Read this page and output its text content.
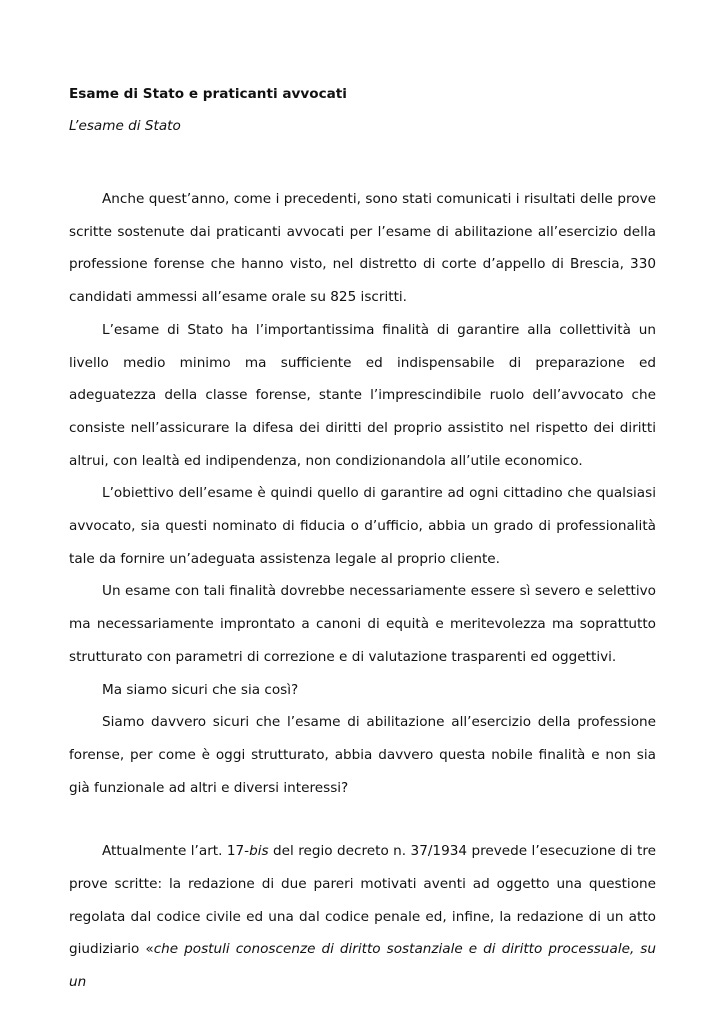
Esame di Stato e praticanti avvocati

L’esame di Stato

Anche quest’anno, come i precedenti, sono stati comunicati i risultati delle prove scritte sostenute dai praticanti avvocati per l’esame di abilitazione all’esercizio della professione forense che hanno visto, nel distretto di corte d’appello di Brescia, 330 candidati ammessi all’esame orale su 825 iscritti.

L’esame di Stato ha l’importantissima finalità di garantire alla collettività un livello medio minimo ma sufficiente ed indispensabile di preparazione ed adeguatezza della classe forense, stante l’imprescindibile ruolo dell’avvocato che consiste nell’assicurare la difesa dei diritti del proprio assistito nel rispetto dei diritti altrui, con lealtà ed indipendenza, non condizionandola all’utile economico.

L’obiettivo dell’esame è quindi quello di garantire ad ogni cittadino che qualsiasi avvocato, sia questi nominato di fiducia o d’ufficio, abbia un grado di professionalità tale da fornire un’adeguata assistenza legale al proprio cliente.

Un esame con tali finalità dovrebbe necessariamente essere sì severo e selettivo ma necessariamente improntato a canoni di equità e meritevolezza ma soprattutto strutturato con parametri di correzione e di valutazione trasparenti ed oggettivi.

Ma siamo sicuri che sia così?

Siamo davvero sicuri che l’esame di abilitazione all’esercizio della professione forense, per come è oggi strutturato, abbia davvero questa nobile finalità e non sia già funzionale ad altri e diversi interessi?

Attualmente l’art. 17-bis del regio decreto n. 37/1934 prevede l’esecuzione di tre prove scritte: la redazione di due pareri motivati aventi ad oggetto una questione regolata dal codice civile ed una dal codice penale ed, infine, la redazione di un atto giudiziario «che postuli conoscenze di diritto sostanziale e di diritto processuale, su un
